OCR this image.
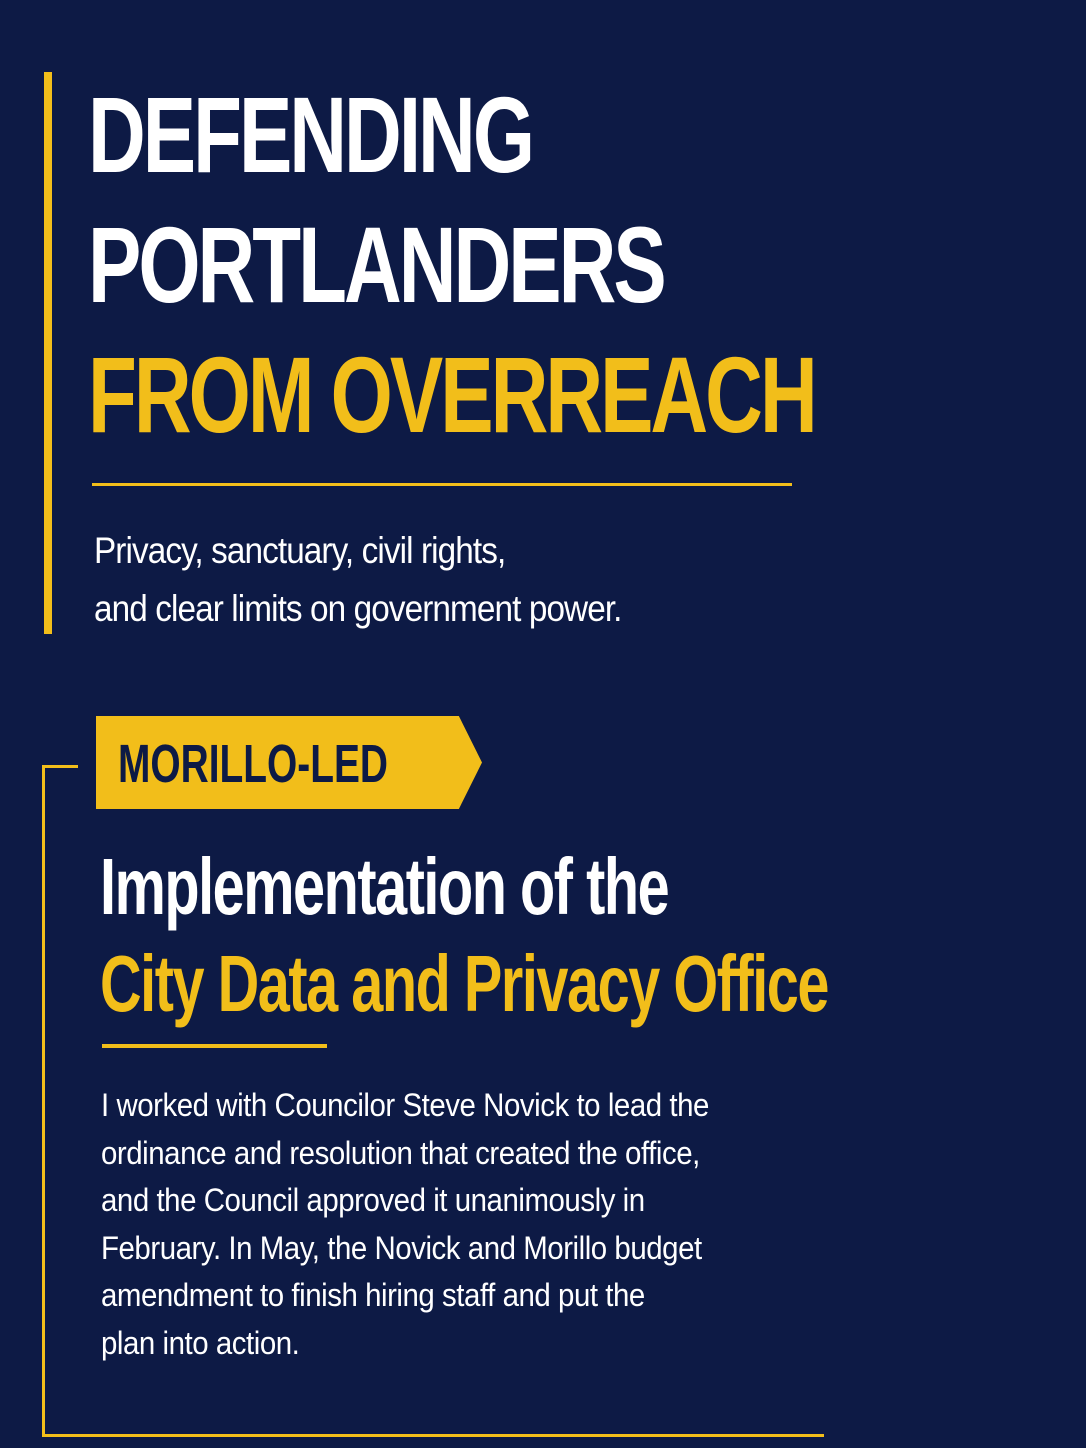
DEFENDING
PORTLANDERS
FROM OVERREACH

Privacy, sanctuary, civil rights,
and clear limits on government power.

MORILLO-LED

Implementation of the
City Data and Privacy Office

I worked with Councilor Steve Novick to lead the
ordinance and resolution that created the office,
and the Council approved it unanimously in
February. In May, the Novick and Morillo budget
amendment to finish hiring staff and put the
plan into action.
